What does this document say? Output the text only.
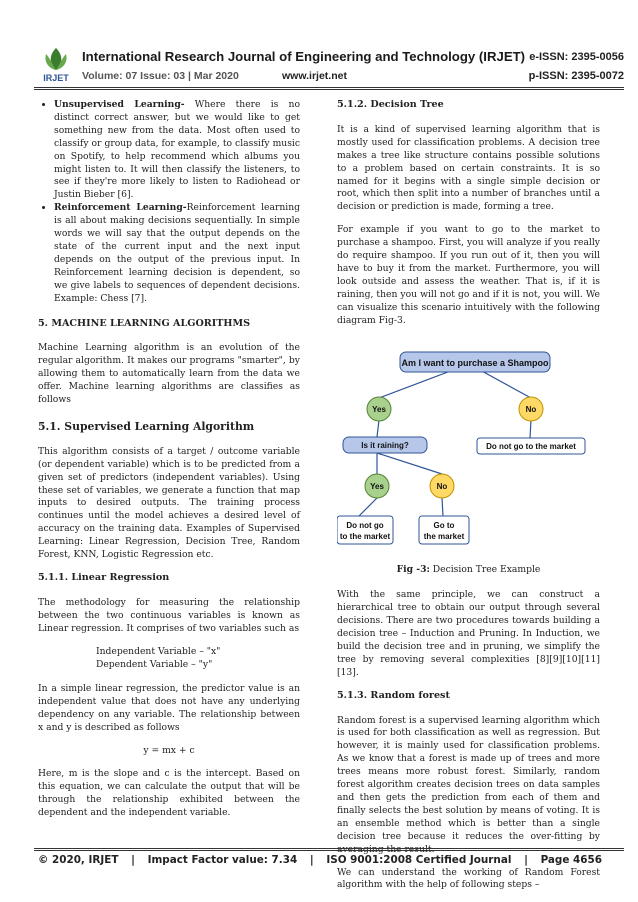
IRJET
International Research Journal of Engineering and Technology (IRJET) e-ISSN: 2395-0056
Volume: 07 Issue: 03 | Mar 2020	www.irjet.net	p-ISSN: 2395-0072
• Unsupervised Learning- Where there is no distinct correct answer, but we would like to get something new from the data. Most often used to classify or group data, for example, to classify music on Spotify, to help recommend which albums you might listen to. It will then classify the listeners, to see if they're more likely to listen to Radiohead or Justin Bieber [6].
• Reinforcement Learning-Reinforcement learning is all about making decisions sequentially. In simple words we will say that the output depends on the state of the current input and the next input depends on the output of the previous input. In Reinforcement learning decision is dependent, so we give labels to sequences of dependent decisions. Example: Chess [7].
5. MACHINE LEARNING ALGORITHMS

Machine Learning algorithm is an evolution of the regular algorithm. It makes our programs "smarter", by allowing them to automatically learn from the data we offer. Machine learning algorithms are classifies as follows

5.1. Supervised Learning Algorithm

This algorithm consists of a target / outcome variable (or dependent variable) which is to be predicted from a given set of predictors (independent variables). Using these set of variables, we generate a function that map inputs to desired outputs. The training process continues until the model achieves a desired level of accuracy on the training data. Examples of Supervised Learning: Linear Regression, Decision Tree, Random Forest, KNN, Logistic Regression etc.

5.1.1. Linear Regression

The methodology for measuring the relationship between the two continuous variables is known as Linear regression. It comprises of two variables such as

Independent Variable – "x"
Dependent Variable – "y"

In a simple linear regression, the predictor value is an independent value that does not have any underlying dependency on any variable. The relationship between x and y is described as follows

y = mx + c

Here, m is the slope and c is the intercept. Based on this equation, we can calculate the output that will be through the relationship exhibited between the dependent and the independent variable.

5.1.2. Decision Tree

It is a kind of supervised learning algorithm that is mostly used for classification problems. A decision tree makes a tree like structure contains possible solutions to a problem based on certain constraints. It is so named for it begins with a single simple decision or root, which then split into a number of branches until a decision or prediction is made, forming a tree.

For example if you want to go to the market to purchase a shampoo. First, you will analyze if you really do require shampoo. If you run out of it, then you will have to buy it from the market. Furthermore, you will look outside and assess the weather. That is, if it is raining, then you will not go and if it is not, you will. We can visualize this scenario intuitively with the following diagram Fig-3.

Am I want to purchase a Shampoo
Yes	No
Is it raining?	Do not go to the market
Yes	No
Do not go
to the market
Go to
the market
Fig -3: Decision Tree Example

With the same principle, we can construct a hierarchical tree to obtain our output through several decisions. There are two procedures towards building a decision tree – Induction and Pruning. In Induction, we build the decision tree and in pruning, we simplify the tree by removing several complexities [8][9][10][11][13].

5.1.3. Random forest

Random forest is a supervised learning algorithm which is used for both classification as well as regression. But however, it is mainly used for classification problems. As we know that a forest is made up of trees and more trees means more robust forest. Similarly, random forest algorithm creates decision trees on data samples and then gets the prediction from each of them and finally selects the best solution by means of voting. It is an ensemble method which is better than a single decision tree because it reduces the over-fitting by averaging the result.

We can understand the working of Random Forest algorithm with the help of following steps –

© 2020, IRJET | Impact Factor value: 7.34 | ISO 9001:2008 Certified Journal | Page 4656
